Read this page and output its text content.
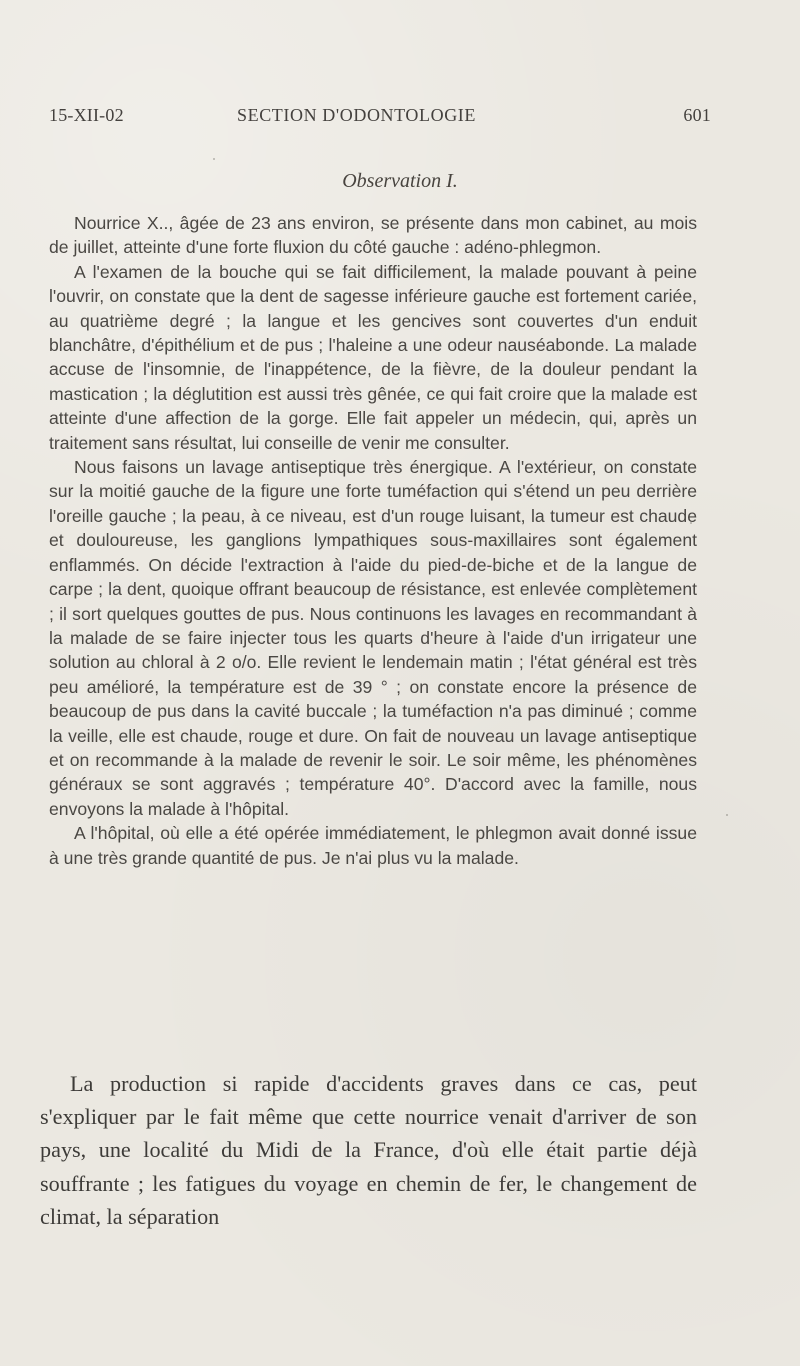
15-XII-02	SECTION D'ODONTOLOGIE	601
Observation I.

Nourrice X.., âgée de 23 ans environ, se présente dans mon cabinet, au mois de juillet, atteinte d'une forte fluxion du côté gauche : adéno-phlegmon.

A l'examen de la bouche qui se fait difficilement, la malade pouvant à peine l'ouvrir, on constate que la dent de sagesse inférieure gauche est fortement cariée, au quatrième degré ; la langue et les gencives sont couvertes d'un enduit blanchâtre, d'épithélium et de pus ; l'haleine a une odeur nauséabonde. La malade accuse de l'insomnie, de l'inappétence, de la fièvre, de la douleur pendant la mastication ; la déglutition est aussi très gênée, ce qui fait croire que la malade est atteinte d'une affection de la gorge. Elle fait appeler un médecin, qui, après un traitement sans résultat, lui conseille de venir me consulter.

Nous faisons un lavage antiseptique très énergique. A l'extérieur, on constate sur la moitié gauche de la figure une forte tuméfaction qui s'étend un peu derrière l'oreille gauche ; la peau, à ce niveau, est d'un rouge luisant, la tumeur est chaude et douloureuse, les ganglions lympathiques sous-maxillaires sont également enflammés. On décide l'extraction à l'aide du pied-de-biche et de la langue de carpe ; la dent, quoique offrant beaucoup de résistance, est enlevée complètement ; il sort quelques gouttes de pus. Nous continuons les lavages en recommandant à la malade de se faire injecter tous les quarts d'heure à l'aide d'un irrigateur une solution au chloral à 2 o/o. Elle revient le lendemain matin ; l'état général est très peu amélioré, la température est de 39 ° ; on constate encore la présence de beaucoup de pus dans la cavité buccale ; la tuméfaction n'a pas diminué ; comme la veille, elle est chaude, rouge et dure. On fait de nouveau un lavage antiseptique et on recommande à la malade de revenir le soir. Le soir même, les phénomènes généraux se sont aggravés ; température 40°. D'accord avec la famille, nous envoyons la malade à l'hôpital.

A l'hôpital, où elle a été opérée immédiatement, le phlegmon avait donné issue à une très grande quantité de pus. Je n'ai plus vu la malade.

La production si rapide d'accidents graves dans ce cas, peut s'expliquer par le fait même que cette nourrice venait d'arriver de son pays, une localité du Midi de la France, d'où elle était partie déjà souffrante ; les fatigues du voyage en chemin de fer, le changement de climat, la séparation
